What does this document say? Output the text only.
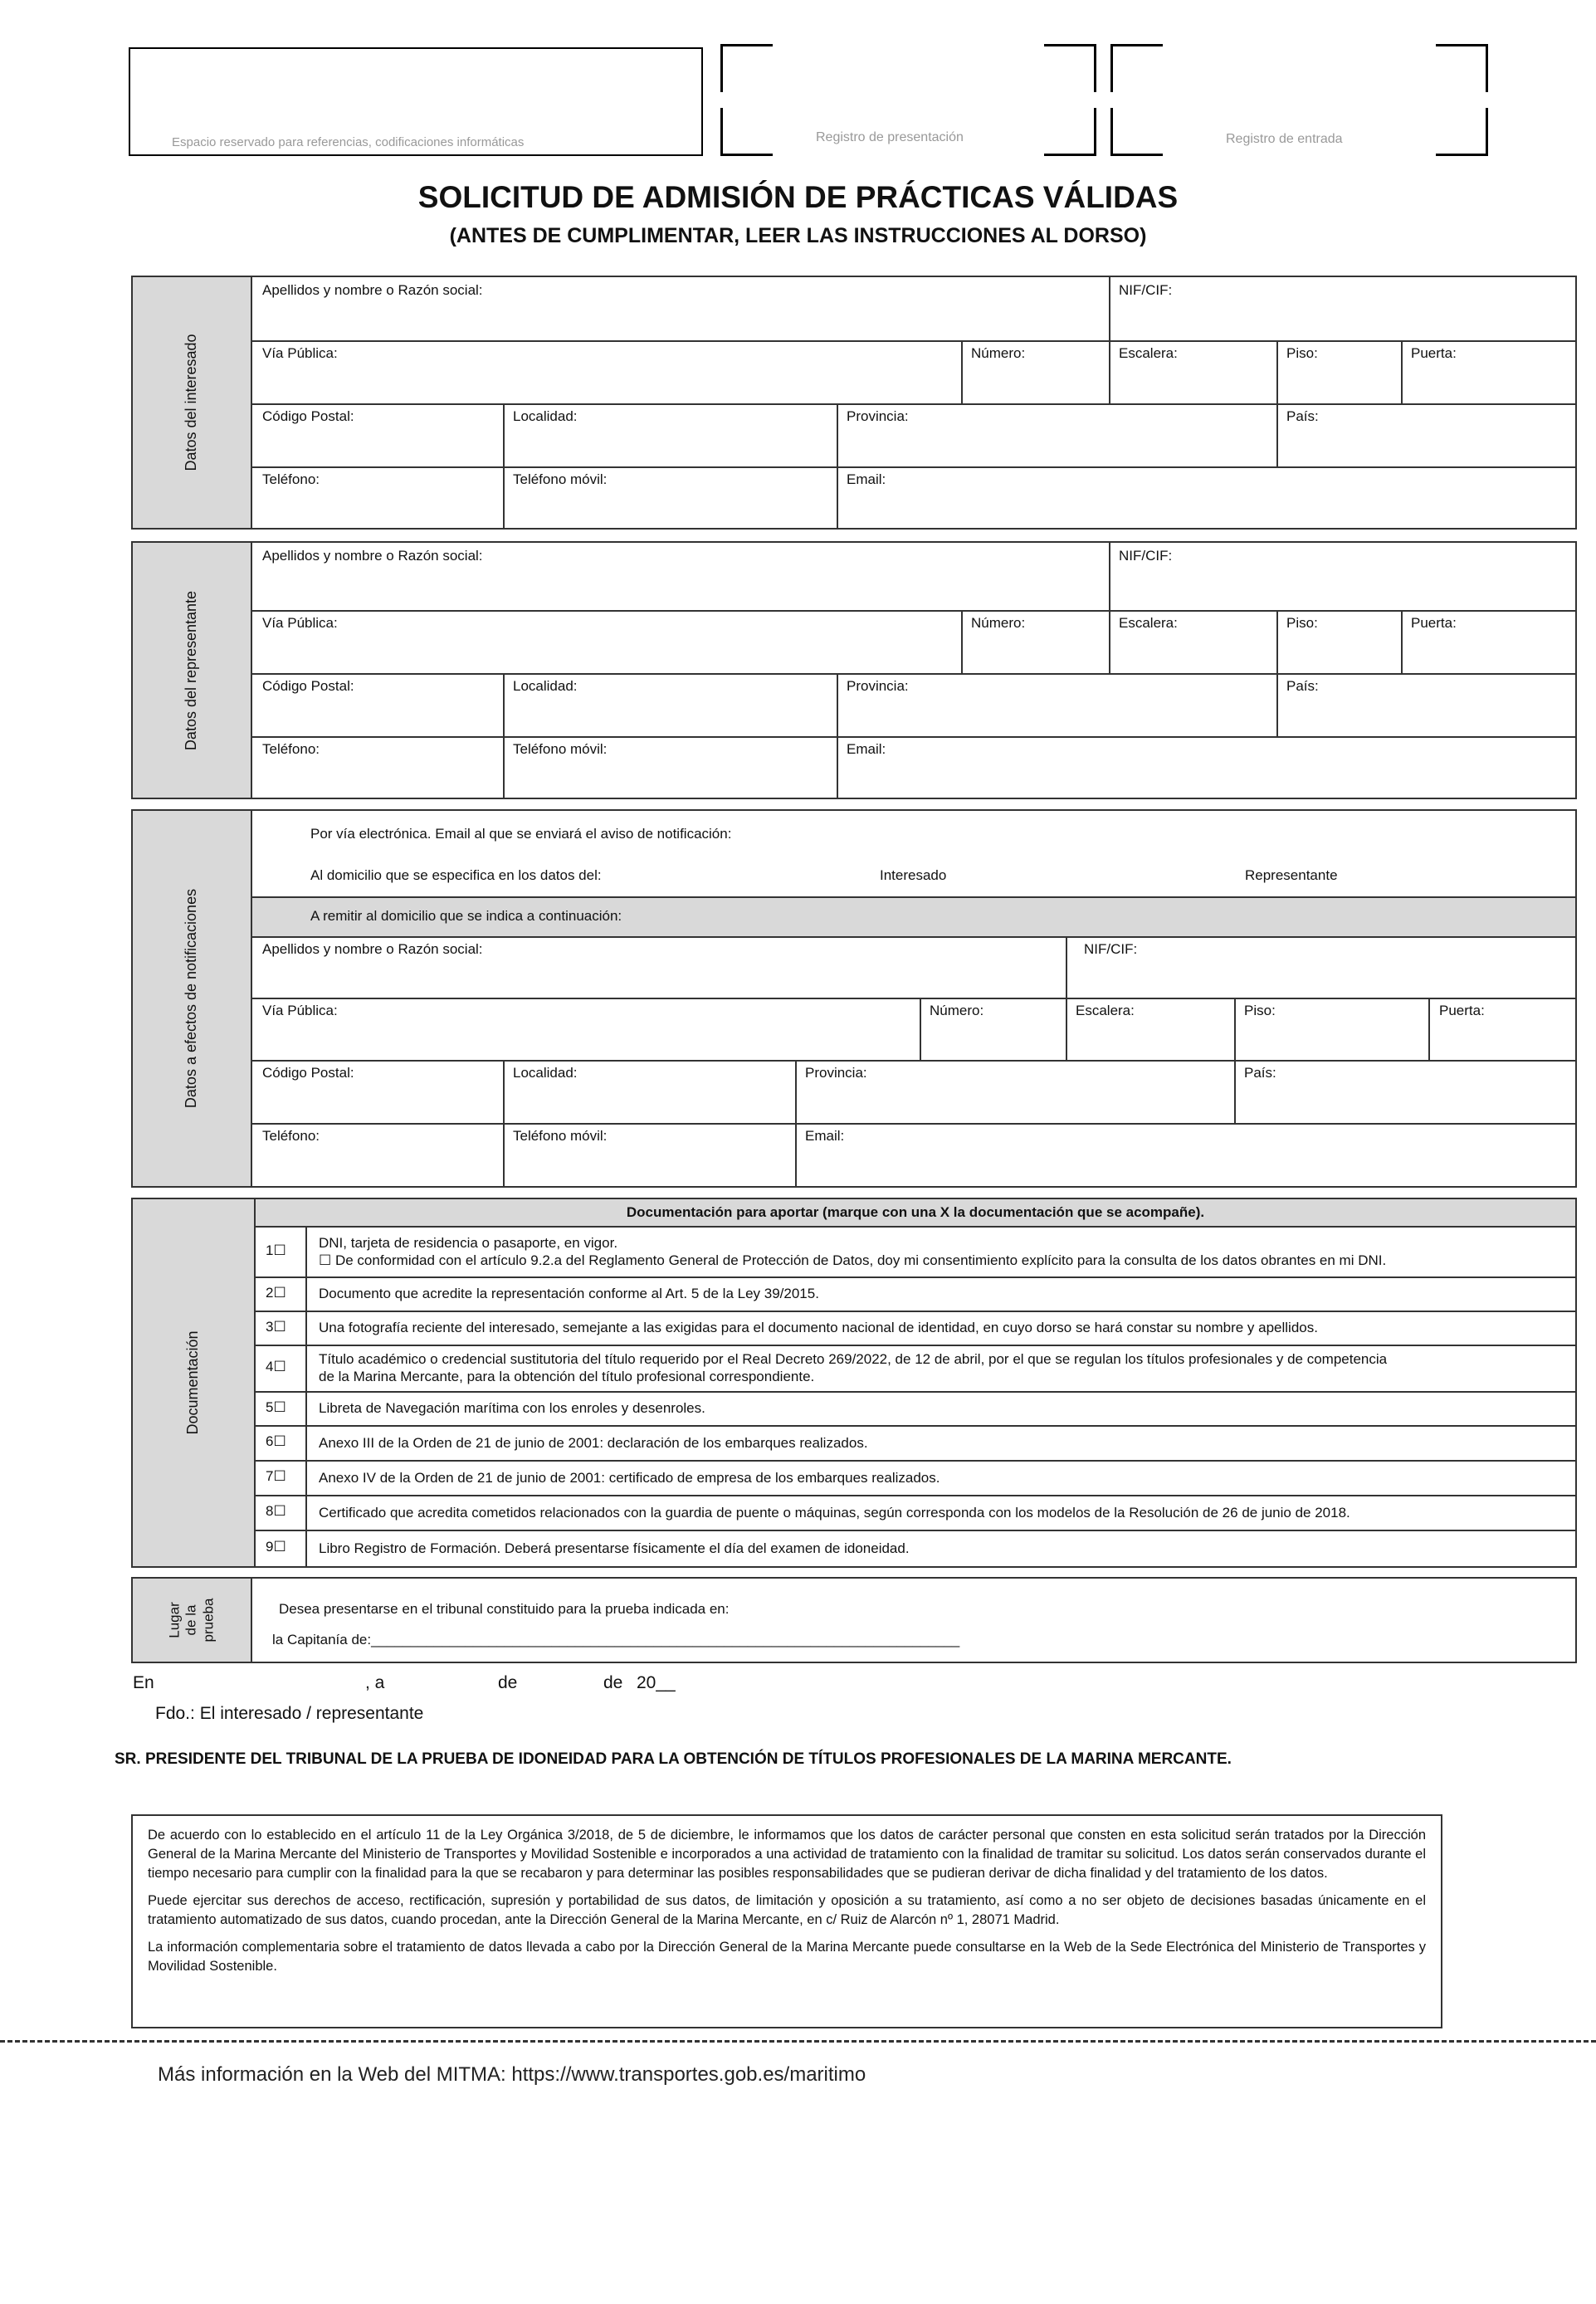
Espacio reservado para referencias, codificaciones informáticas	Registro de presentación	Registro de entrada
SOLICITUD DE ADMISIÓN DE PRÁCTICAS VÁLIDAS
(ANTES DE CUMPLIMENTAR, LEER LAS INSTRUCCIONES AL DORSO)
Datos del interesado
Apellidos y nombre o Razón social:	NIF/CIF:
Vía Pública:	Número:	Escalera:	Piso:	Puerta:
Código Postal:	Localidad:	Provincia:	País:
Teléfono:	Teléfono móvil:	Email:
Datos del representante
Apellidos y nombre o Razón social:	NIF/CIF:
Vía Pública:	Número:	Escalera:	Piso:	Puerta:
Código Postal:	Localidad:	Provincia:	País:
Teléfono:	Teléfono móvil:	Email:
Datos a efectos de notificaciones
Por vía electrónica. Email al que se enviará el aviso de notificación:
Al domicilio que se especifica en los datos del:	Interesado	Representante
A remitir al domicilio que se indica a continuación:
Apellidos y nombre o Razón social:	NIF/CIF:
Vía Pública:	Número:	Escalera:	Piso:	Puerta:
Código Postal:	Localidad:	Provincia:	País:
Teléfono:	Teléfono móvil:	Email:
Documentación
Documentación para aportar (marque con una X la documentación que se acompañe).
1☐ DNI, tarjeta de residencia o pasaporte, en vigor.
☐ De conformidad con el artículo 9.2.a del Reglamento General de Protección de Datos, doy mi consentimiento explícito para la consulta de los datos obrantes en mi DNI.
2☐ Documento que acredite la representación conforme al Art. 5 de la Ley 39/2015.
3☐ Una fotografía reciente del interesado, semejante a las exigidas para el documento nacional de identidad, en cuyo dorso se hará constar su nombre y apellidos.
4☐ Título académico o credencial sustitutoria del título requerido por el Real Decreto 269/2022, de 12 de abril, por el que se regulan los títulos profesionales y de competencia
de la Marina Mercante, para la obtención del título profesional correspondiente.
5☐ Libreta de Navegación marítima con los enroles y desenroles.
6☐ Anexo III de la Orden de 21 de junio de 2001: declaración de los embarques realizados.
7☐ Anexo IV de la Orden de 21 de junio de 2001: certificado de empresa de los embarques realizados.
8☐ Certificado que acredita cometidos relacionados con la guardia de puente o máquinas, según corresponda con los modelos de la Resolución de 26 de junio de 2018.
9☐ Libro Registro de Formación. Deberá presentarse físicamente el día del examen de idoneidad.
Lugar de la prueba	Desea presentarse en el tribunal constituido para la prueba indicada en:
la Capitanía de:___________________________________________________________________________
En	, a	de	de 20__
Fdo.: El interesado / representante
SR. PRESIDENTE DEL TRIBUNAL DE LA PRUEBA DE IDONEIDAD PARA LA OBTENCIÓN DE TÍTULOS PROFESIONALES DE LA MARINA MERCANTE.

De acuerdo con lo establecido en el artículo 11 de la Ley Orgánica 3/2018, de 5 de diciembre, le informamos que los datos de carácter personal que consten en esta solicitud serán tratados por la Dirección General de la Marina Mercante del Ministerio de Transportes y Movilidad Sostenible e incorporados a una actividad de tratamiento con la finalidad de tramitar su solicitud. Los datos serán conservados durante el tiempo necesario para cumplir con la finalidad para la que se recabaron y para determinar las posibles responsabilidades que se pudieran derivar de dicha finalidad y del tratamiento de los datos.

Puede ejercitar sus derechos de acceso, rectificación, supresión y portabilidad de sus datos, de limitación y oposición a su tratamiento, así como a no ser objeto de decisiones basadas únicamente en el tratamiento automatizado de sus datos, cuando procedan, ante la Dirección General de la Marina Mercante, en c/ Ruiz de Alarcón nº 1, 28071 Madrid.

La información complementaria sobre el tratamiento de datos llevada a cabo por la Dirección General de la Marina Mercante puede consultarse en la Web de la Sede Electrónica del Ministerio de Transportes y Movilidad Sostenible.

Más información en la Web del MITMA: https://www.transportes.gob.es/maritimo
